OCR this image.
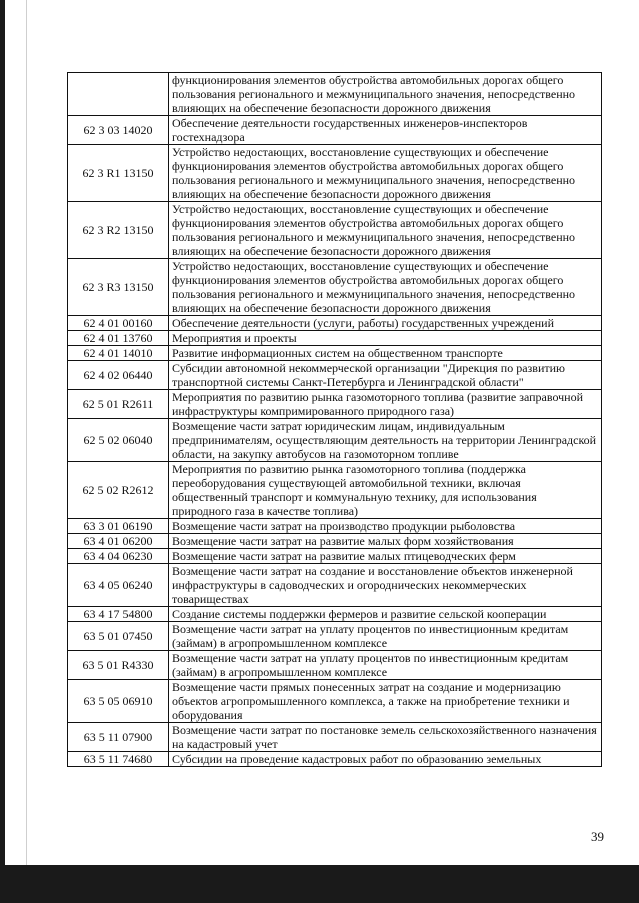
	функционирования элементов обустройства автомобильных дорогах общего пользования регионального и межмуниципального значения, непосредственно влияющих на обеспечение безопасности дорожного движения
62 3 03 14020	Обеспечение деятельности государственных инженеров-инспекторов гостехнадзора
62 3 R1 13150	Устройство недостающих, восстановление существующих и обеспечение функционирования элементов обустройства автомобильных дорогах общего пользования регионального и межмуниципального значения, непосредственно влияющих на обеспечение безопасности дорожного движения
62 3 R2 13150	Устройство недостающих, восстановление существующих и обеспечение функционирования элементов обустройства автомобильных дорогах общего пользования регионального и межмуниципального значения, непосредственно влияющих на обеспечение безопасности дорожного движения
62 3 R3 13150	Устройство недостающих, восстановление существующих и обеспечение функционирования элементов обустройства автомобильных дорогах общего пользования регионального и межмуниципального значения, непосредственно влияющих на обеспечение безопасности дорожного движения
62 4 01 00160	Обеспечение деятельности (услуги, работы) государственных учреждений
62 4 01 13760	Мероприятия и проекты
62 4 01 14010	Развитие информационных систем на общественном транспорте
62 4 02 06440	Субсидии автономной некоммерческой организации "Дирекция по развитию транспортной системы Санкт-Петербурга и Ленинградской области"
62 5 01 R2611	Мероприятия по развитию рынка газомоторного топлива (развитие заправочной инфраструктуры компримированного природного газа)
62 5 02 06040	Возмещение части затрат юридическим лицам, индивидуальным предпринимателям, осуществляющим деятельность на территории Ленинградской области, на закупку автобусов на газомоторном топливе
62 5 02 R2612	Мероприятия по развитию рынка газомоторного топлива (поддержка переоборудования существующей автомобильной техники, включая общественный транспорт и коммунальную технику, для использования природного газа в качестве топлива)
63 3 01 06190	Возмещение части затрат на производство продукции рыболовства
63 4 01 06200	Возмещение части затрат на развитие малых форм хозяйствования
63 4 04 06230	Возмещение части затрат на развитие малых птицеводческих ферм
63 4 05 06240	Возмещение части затрат на создание и восстановление объектов инженерной инфраструктуры в садоводческих и огороднических некоммерческих товариществах
63 4 17 54800	Создание системы поддержки фермеров и развитие сельской кооперации
63 5 01 07450	Возмещение части затрат на уплату процентов по инвестиционным кредитам (займам) в агропромышленном комплексе
63 5 01 R4330	Возмещение части затрат на уплату процентов по инвестиционным кредитам (займам) в агропромышленном комплексе
63 5 05 06910	Возмещение части прямых понесенных затрат на создание и модернизацию объектов агропромышленного комплекса, а также на приобретение техники и оборудования
63 5 11 07900	Возмещение части затрат по постановке земель сельскохозяйственного назначения на кадастровый учет
63 5 11 74680	Субсидии на проведение кадастровых работ по образованию земельных
39
